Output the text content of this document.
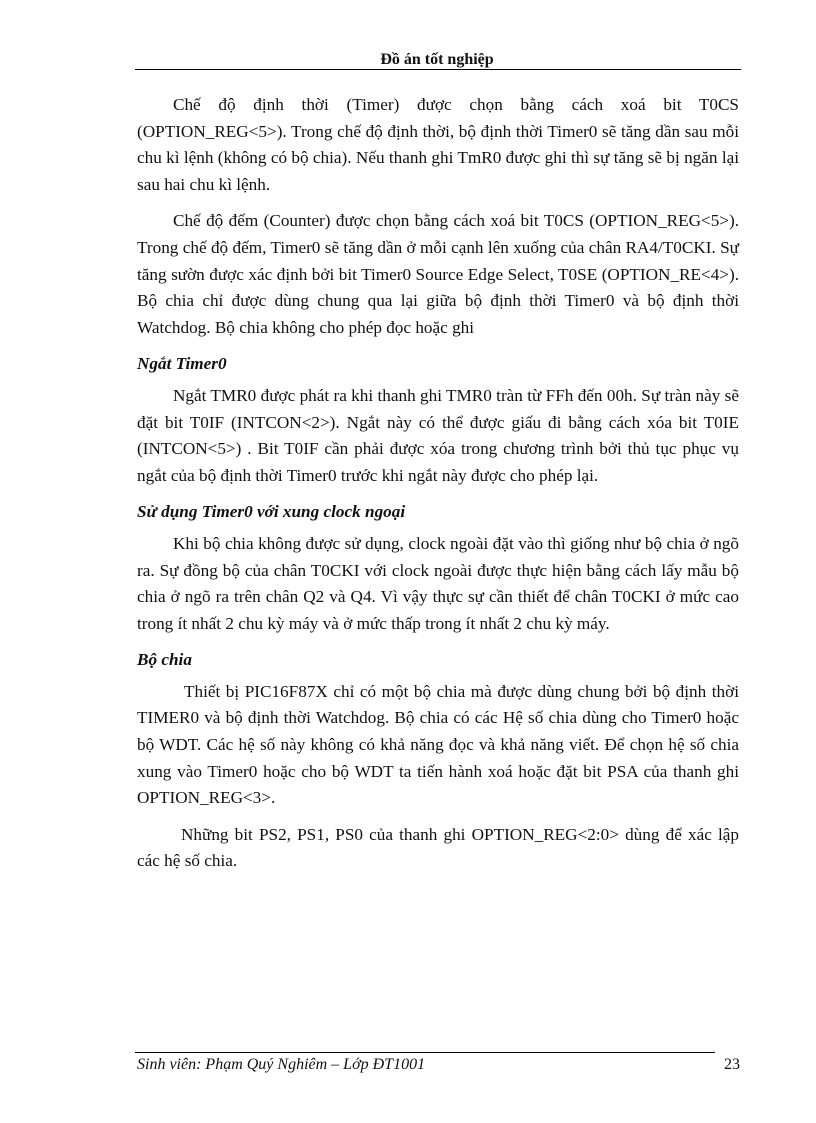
Đồ án tốt nghiệp

Chế độ định thời (Timer) được chọn bằng cách xoá bit T0CS (OPTION_REG<5>). Trong chế độ định thời, bộ định thời Timer0 sẽ tăng dần sau mỗi chu kì lệnh (không có bộ chia). Nếu thanh ghi TmR0 được ghi thì sự tăng sẽ bị ngăn lại sau hai chu kì lệnh.

Chế độ đếm (Counter) được chọn bằng cách xoá bit T0CS (OPTION_REG<5>). Trong chế độ đếm, Timer0 sẽ tăng dần ở mỗi cạnh lên xuống của chân RA4/T0CKI. Sự tăng sườn được xác định bởi bit Timer0 Source Edge Select, T0SE (OPTION_RE<4>). Bộ chia chỉ được dùng chung qua lại giữa bộ định thời Timer0 và bộ định thời Watchdog. Bộ chia không cho phép đọc hoặc ghi

Ngắt Timer0

Ngắt TMR0 được phát ra khi thanh ghi TMR0 tràn từ FFh đến 00h. Sự tràn này sẽ đặt bit T0IF (INTCON<2>). Ngắt này có thể được giấu đi bằng cách xóa bit T0IE (INTCON<5>) . Bit T0IF cần phải được xóa trong chương trình bởi thủ tục phục vụ ngắt của bộ định thời Timer0 trước khi ngắt này được cho phép lại.

Sử dụng Timer0 với xung clock ngoại

Khi bộ chia không được sử dụng, clock ngoài đặt vào thì giống như bộ chia ở ngõ ra. Sự đồng bộ của chân T0CKI với clock ngoài được thực hiện bằng cách lấy mẫu bộ chia ở ngõ ra trên chân Q2 và Q4. Vì vậy thực sự cần thiết để chân T0CKI ở mức cao trong ít nhất 2 chu kỳ máy và ở mức thấp trong ít nhất 2 chu kỳ máy.

Bộ chia

Thiết bị PIC16F87X chỉ có một bộ chia mà được dùng chung bởi bộ định thời TIMER0 và bộ định thời Watchdog. Bộ chia có các Hệ số chia dùng cho Timer0 hoặc bộ WDT. Các hệ số này không có khả năng đọc và khả năng viết. Để chọn hệ số chia xung vào Timer0 hoặc cho bộ WDT ta tiến hành xoá hoặc đặt bit PSA của thanh ghi OPTION_REG<3>.

Những bit PS2, PS1, PS0 của thanh ghi OPTION_REG<2:0> dùng để xác lập các hệ số chia.

Sinh viên: Phạm Quý Nghiêm – Lớp ĐT1001	23
